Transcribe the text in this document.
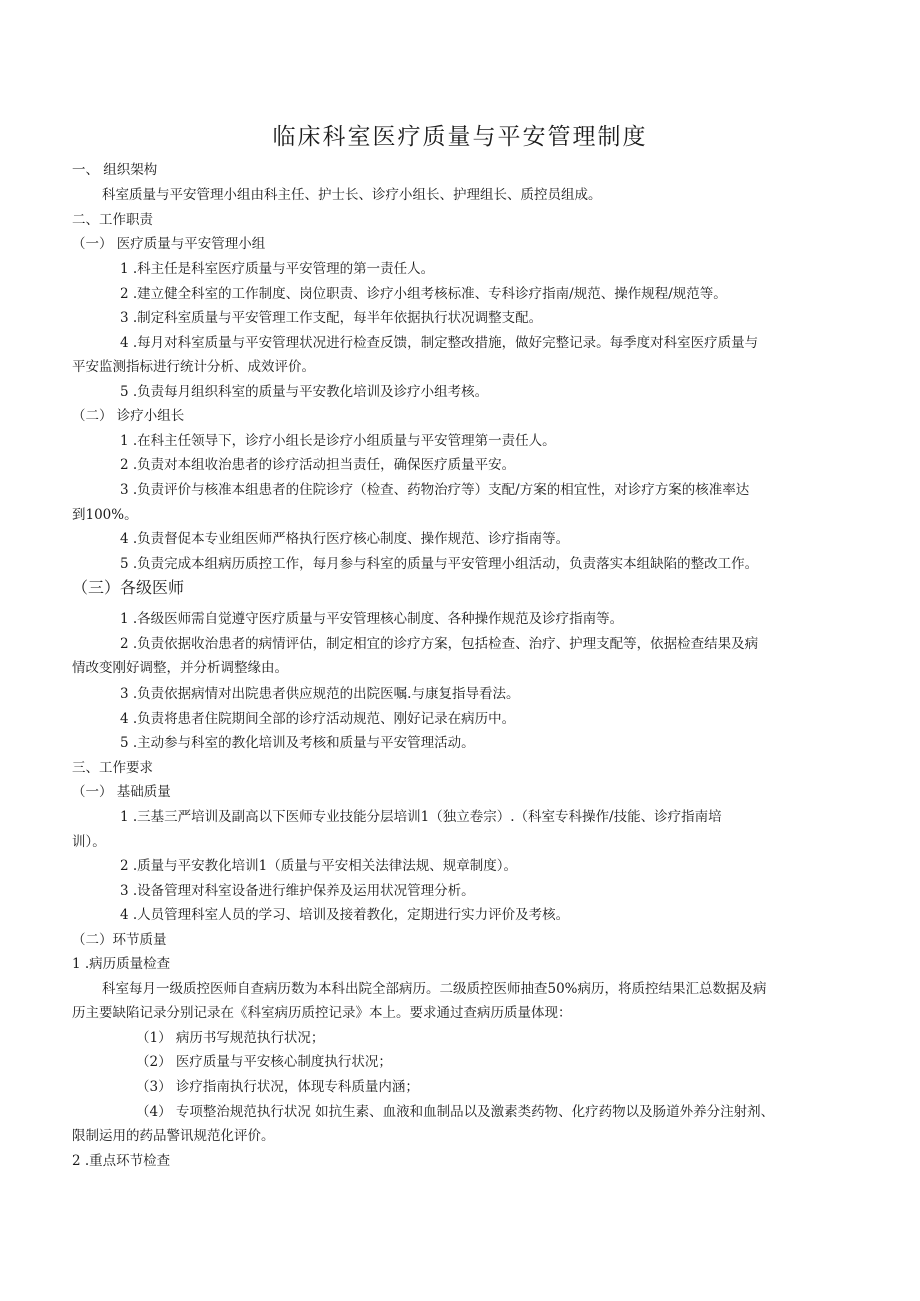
临床科室医疗质量与平安管理制度

一、 组织架构

科室质量与平安管理小组由科主任、护士长、诊疗小组长、护理组长、质控员组成。

二、工作职责

（一） 医疗质量与平安管理小组

1 .科主任是科室医疗质量与平安管理的第一责任人。

2 .建立健全科室的工作制度、岗位职责、诊疗小组考核标准、专科诊疗指南/规范、操作规程/规范等。

3 .制定科室质量与平安管理工作支配，每半年依据执行状况调整支配。

4 .每月对科室质量与平安管理状况进行检查反馈，制定整改措施，做好完整记录。每季度对科室医疗质量与

平安监测指标进行统计分析、成效评价。

5 .负责每月组织科室的质量与平安教化培训及诊疗小组考核。

（二） 诊疗小组长

1 .在科主任领导下，诊疗小组长是诊疗小组质量与平安管理第一责任人。

2 .负责对本组收治患者的诊疗活动担当责任，确保医疗质量平安。

3 .负责评价与核准本组患者的住院诊疗（检查、药物治疗等）支配/方案的相宜性，对诊疗方案的核准率达

到100%。

4 .负责督促本专业组医师严格执行医疗核心制度、操作规范、诊疗指南等。

5 .负责完成本组病历质控工作，每月参与科室的质量与平安管理小组活动，负责落实本组缺陷的整改工作。

（三）各级医师

1 .各级医师需自觉遵守医疗质量与平安管理核心制度、各种操作规范及诊疗指南等。

2 .负责依据收治患者的病情评估，制定相宜的诊疗方案，包括检查、治疗、护理支配等，依据检查结果及病

情改变刚好调整，并分析调整缘由。

3 .负责依据病情对出院患者供应规范的出院医嘱.与康复指导看法。

4 .负责将患者住院期间全部的诊疗活动规范、刚好记录在病历中。

5 .主动参与科室的教化培训及考核和质量与平安管理活动。

三、工作要求

（一） 基础质量

1 .三基三严培训及副高以下医师专业技能分层培训1（独立卷宗）.（科室专科操作/技能、诊疗指南培

训）。

2 .质量与平安教化培训1（质量与平安相关法律法规、规章制度）。

3 .设备管理对科室设备进行维护保养及运用状况管理分析。

4 .人员管理科室人员的学习、培训及接着教化，定期进行实力评价及考核。

（二）环节质量

1 .病历质量检查

科室每月一级质控医师自查病历数为本科出院全部病历。二级质控医师抽查50%病历，将质控结果汇总数据及病

历主要缺陷记录分别记录在《科室病历质控记录》本上。要求通过查病历质量体现：

（1） 病历书写规范执行状况；

（2） 医疗质量与平安核心制度执行状况；

（3） 诊疗指南执行状况，体现专科质量内涵；

（4） 专项整治规范执行状况 如抗生素、血液和血制品以及激素类药物、化疗药物以及肠道外养分注射剂、

限制运用的药品警讯规范化评价。

2 .重点环节检查
